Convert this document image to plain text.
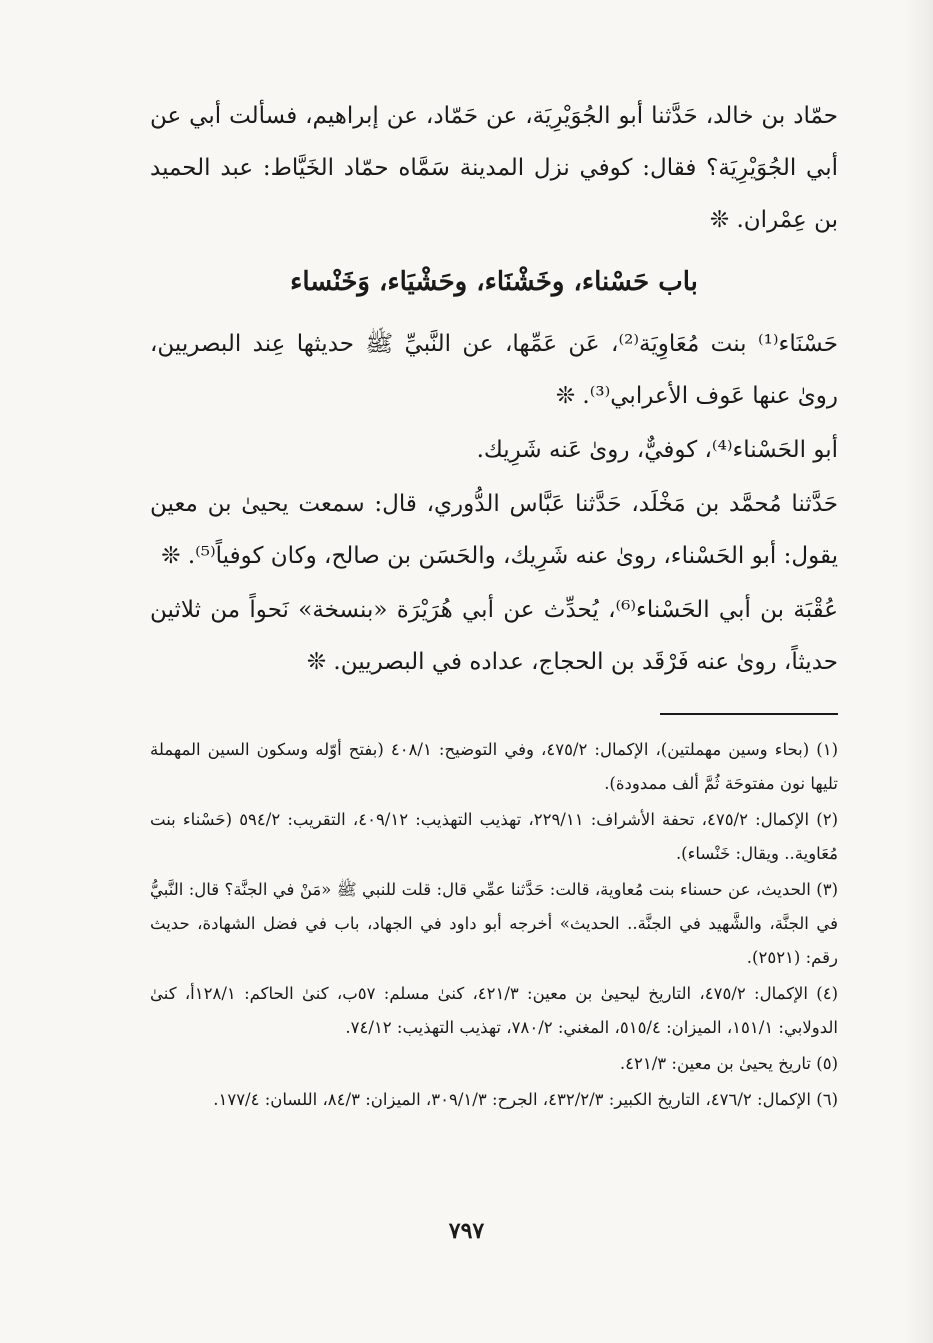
حمّاد بن خالد، حَدَّثنا أبو الجُوَيْرِيَة، عن حَمّاد، عن إبراهيم، فسألت أبي عن أبي الجُوَيْرِيَة؟ فقال: كوفي نزل المدينة سَمَّاه حمّاد الخَيَّاط: عبد الحميد بن عِمْران. ❊

باب حَسْناء، وخَشْنَاء، وحَشْيَاء، وَخَنْساء

حَسْنَاء⁽¹⁾ بنت مُعَاوِيَة⁽²⁾، عَن عَمِّها، عن النَّبيِّ ﷺ حديثها عِند البصريين، روىٰ عنها عَوف الأعرابي⁽³⁾. ❊

أبو الحَسْناء⁽⁴⁾، كوفيٌّ، روىٰ عَنه شَرِيك.

حَدَّثنا مُحمَّد بن مَخْلَد، حَدَّثنا عَبَّاس الدُّوري، قال: سمعت يحيىٰ بن معين يقول: أبو الحَسْناء، روىٰ عنه شَرِيك، والحَسَن بن صالح، وكان كوفياً⁽⁵⁾. ❊

عُقْبَة بن أبي الحَسْناء⁽⁶⁾، يُحدِّث عن أبي هُرَيْرَة «بنسخة» نَحواً من ثلاثين حديثاً، روىٰ عنه فَرْقَد بن الحجاج، عداده في البصريين. ❊

(١) (بحاء وسين مهملتين)، الإكمال: ٤٧٥/٢، وفي التوضيح: ٤٠٨/١ (بفتح أوّله وسكون السين المهملة تليها نون مفتوحَة ثُمَّ ألف ممدودة).

(٢) الإكمال: ٤٧٥/٢، تحفة الأشراف: ٢٢٩/١١، تهذيب التهذيب: ٤٠٩/١٢، التقريب: ٥٩٤/٢ (حَسْناء بنت مُعَاوية.. ويقال: خَنْساء).

(٣) الحديث، عن حسناء بنت مُعاوية، قالت: حَدَّثنا عمِّي قال: قلت للنبي ﷺ «مَنْ في الجنَّة؟ قال: النَّبيُّ في الجنَّة، والشَّهيد في الجنَّة.. الحديث» أخرجه أبو داود في الجهاد، باب في فضل الشهادة، حديث رقم: (٢٥٢١).

(٤) الإكمال: ٤٧٥/٢، التاريخ ليحيىٰ بن معين: ٤٢١/٣، كنىٰ مسلم: ٥٧ب، كنىٰ الحاكم: ١٢٨/١أ، كنىٰ الدولابي: ١٥١/١، الميزان: ٥١٥/٤، المغني: ٧٨٠/٢، تهذيب التهذيب: ٧٤/١٢.

(٥) تاريخ يحيىٰ بن معين: ٤٢١/٣.

(٦) الإكمال: ٤٧٦/٢، التاريخ الكبير: ٤٣٢/٢/٣، الجرح: ٣٠٩/١/٣، الميزان: ٨٤/٣، اللسان: ١٧٧/٤.

٧٩٧
